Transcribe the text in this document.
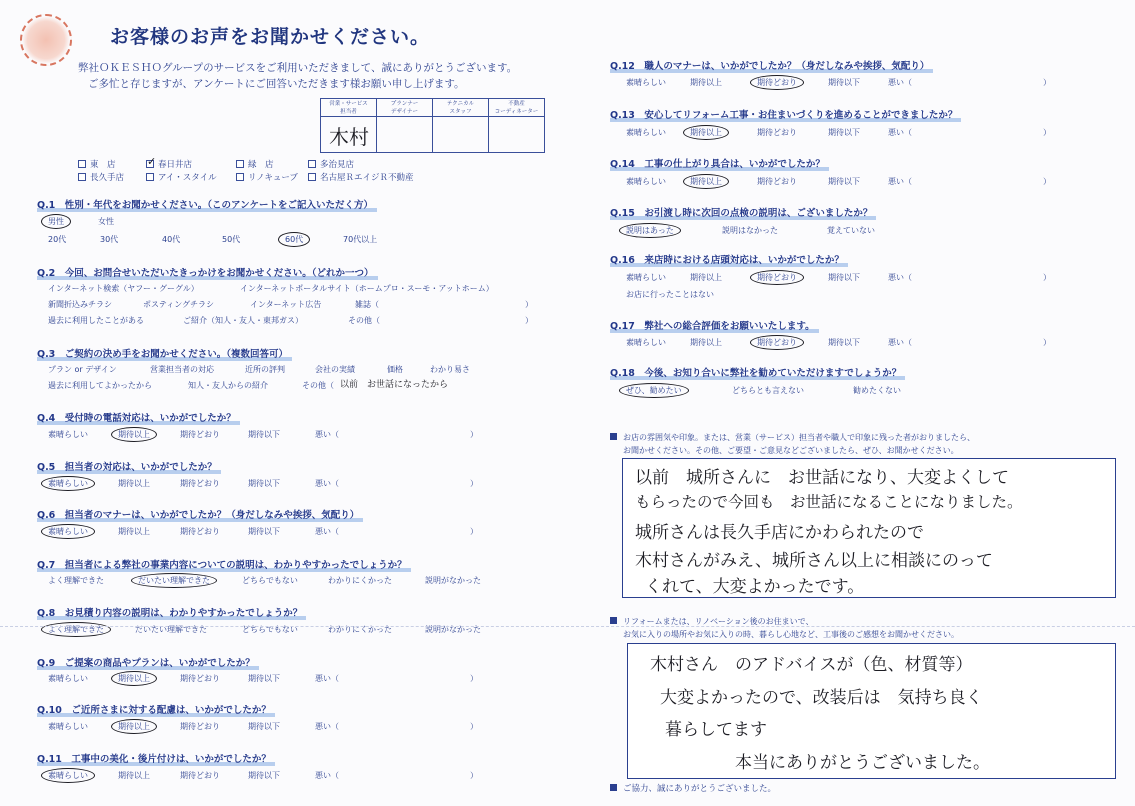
お客様のお声をお聞かせください。
弊社ＯＫＥＳＨＯグループのサービスをご利用いただきまして、誠にありがとうございます。
ご多忙と存じますが、アンケートにご回答いただきます様お願い申し上げます。
営業・サービス
担当者
木村
プランナー
デザイナー
テクニカル
スタッフ
不動産
コーディネーター
東　店
✓	春日井店	緑　店	多治見店
長久手店	アイ・スタイル	リノキューブ	名古屋ＲエイジＲ不動産
Q.1　性別・年代をお聞かせください。（このアンケートをご記入いただく方）
男性	女性
20代	30代	40代	50代	60代	70代以上
Q.2　今回、お問合せいただいたきっかけをお聞かせください。（どれか一つ）
インターネット検索（ヤフー・グーグル）	インターネットポータルサイト（ホームプロ・スーモ・アットホーム）
新聞折込みチラシ	ポスティングチラシ	インターネット広告	雑誌（	）
過去に利用したことがある	ご紹介（知人・友人・東邦ガス）	その他（	）
Q.3　ご契約の決め手をお聞かせください。（複数回答可）
プラン or デザイン	営業担当者の対応	近所の評判	会社の実績	価格	わかり易さ
過去に利用してよかったから	知人・友人からの紹介	その他（ 以前　お世話になったから
Q.4　受付時の電話対応は、いかがでしたか？
素晴らしい	期待以上	期待どおり	期待以下	悪い（	）
Q.5　担当者の対応は、いかがでしたか？
素晴らしい	期待以上	期待どおり	期待以下	悪い（	）
Q.6　担当者のマナーは、いかがでしたか？（身だしなみや挨拶、気配り）
素晴らしい	期待以上	期待どおり	期待以下	悪い（	）
Q.7　担当者による弊社の事業内容についての説明は、わかりやすかったでしょうか？
よく理解できた	だいたい理解できた	どちらでもない	わかりにくかった	説明がなかった
Q.8　お見積り内容の説明は、わかりやすかったでしょうか？
よく理解できた	だいたい理解できた	どちらでもない	わかりにくかった	説明がなかった
Q.9　ご提案の商品やプランは、いかがでしたか？
素晴らしい	期待以上	期待どおり	期待以下	悪い（	）
Q.10　ご近所さまに対する配慮は、いかがでしたか？
素晴らしい	期待以上	期待どおり	期待以下	悪い（	）
Q.11　工事中の美化・後片付けは、いかがでしたか？
素晴らしい	期待以上	期待どおり	期待以下	悪い（	）
Q.12　職人のマナーは、いかがでしたか？（身だしなみや挨拶、気配り）
素晴らしい	期待以上	期待どおり	期待以下	悪い（	）
Q.13　安心してリフォーム工事・お住まいづくりを進めることができましたか？
素晴らしい	期待以上	期待どおり	期待以下	悪い（	）
Q.14　工事の仕上がり具合は、いかがでしたか？
素晴らしい	期待以上	期待どおり	期待以下	悪い（	）
Q.15　お引渡し時に次回の点検の説明は、ございましたか？
説明はあった	説明はなかった	覚えていない
Q.16　来店時における店頭対応は、いかがでしたか？
素晴らしい	期待以上	期待どおり	期待以下	悪い（	）
お店に行ったことはない
Q.17　弊社への総合評価をお願いいたします。
素晴らしい	期待以上	期待どおり	期待以下	悪い（	）
Q.18　今後、お知り合いに弊社を勧めていただけますでしょうか？
ぜひ、勧めたい	どちらとも言えない	勧めたくない
お店の雰囲気や印象。または、営業（サービス）担当者や職人で印象に残った者がおりましたら、
お聞かせください。その他、ご要望・ご意見などございましたら、ぜひ、お聞かせください。
以前　城所さんに　お世話になり、大変よくして
もらったので今回も　お世話になることになりました。
城所さんは長久手店にかわられたので
木村さんがみえ、城所さん以上に相談にのって
くれて、大変よかったです。
リフォームまたは、リノベーション後のお住まいで、
お気に入りの場所やお気に入りの時、暮らし心地など、工事後のご感想をお聞かせください。
木村さん　のアドバイスが（色、材質等）
大変よかったので、改装后は　気持ち良く
暮らしてます
本当にありがとうございました。
ご協力、誠にありがとうございました。
